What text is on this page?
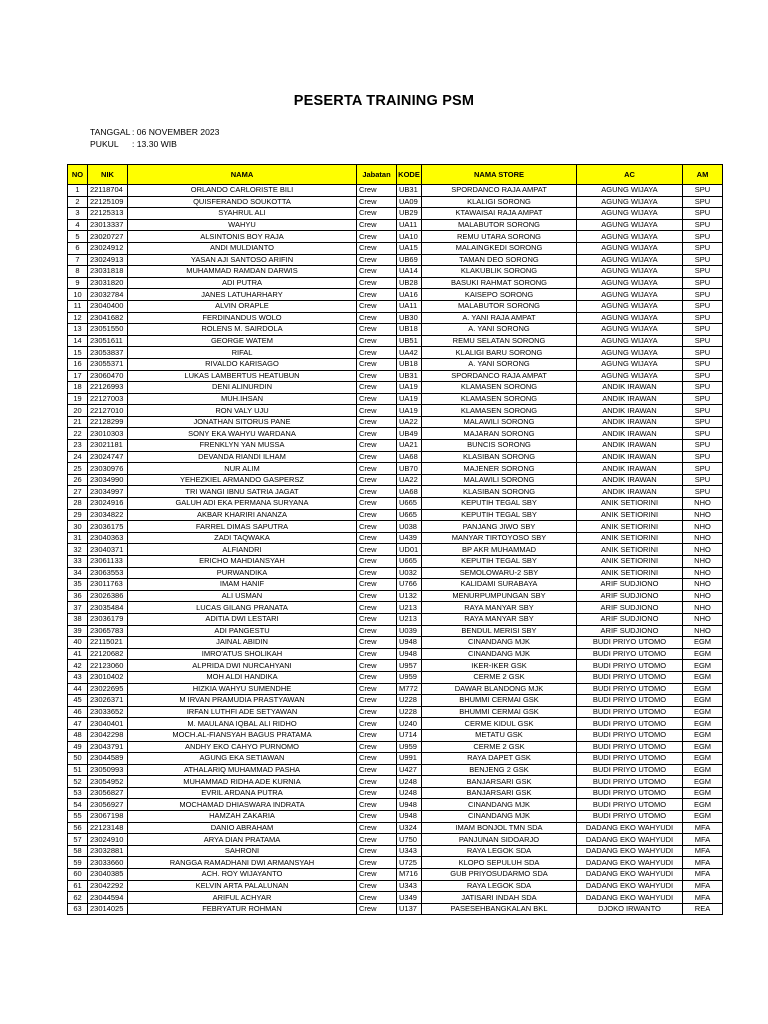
PESERTA TRAINING PSM
TANGGAL : 06 NOVEMBER 2023
PUKUL : 13.30 WIB
NO	NIK	NAMA	Jabatan	KODE	NAMA STORE	AC	AM
1	22118704	ORLANDO CARLORISTE BILI	Crew	UB31	SPORDANCO RAJA AMPAT	AGUNG WIJAYA	SPU
2	22125109	QUISFERANDO SOUKOTTA	Crew	UA09	KLALIGI SORONG	AGUNG WIJAYA	SPU
3	22125313	SYAHRUL ALI	Crew	UB29	KTAWAISAI RAJA AMPAT	AGUNG WIJAYA	SPU
4	23013337	WAHYU	Crew	UA11	MALABUTOR SORONG	AGUNG WIJAYA	SPU
5	23020727	ALSINTONIS BOY RAJA	Crew	UA10	REMU UTARA SORONG	AGUNG WIJAYA	SPU
6	23024912	ANDI MULDIANTO	Crew	UA15	MALAINGKEDI SORONG	AGUNG WIJAYA	SPU
7	23024913	YASAN AJI SANTOSO ARIFIN	Crew	UB69	TAMAN DEO SORONG	AGUNG WIJAYA	SPU
8	23031818	MUHAMMAD RAMDAN DARWIS	Crew	UA14	KLAKUBLIK SORONG	AGUNG WIJAYA	SPU
9	23031820	ADI PUTRA	Crew	UB28	BASUKI RAHMAT SORONG	AGUNG WIJAYA	SPU
10	23032784	JANES LATUHARHARY	Crew	UA16	KAISEPO SORONG	AGUNG WIJAYA	SPU
11	23040400	ALVIN ORAPLE	Crew	UA11	MALABUTOR SORONG	AGUNG WIJAYA	SPU
12	23041682	FERDINANDUS WOLO	Crew	UB30	A. YANI RAJA AMPAT	AGUNG WIJAYA	SPU
13	23051550	ROLENS M. SAIRDOLA	Crew	UB18	A. YANI SORONG	AGUNG WIJAYA	SPU
14	23051611	GEORGE WATEM	Crew	UB51	REMU SELATAN SORONG	AGUNG WIJAYA	SPU
15	23053837	RIFAL	Crew	UA42	KLALIGI BARU SORONG	AGUNG WIJAYA	SPU
16	23055371	RIVALDO KARISAGO	Crew	UB18	A. YANI SORONG	AGUNG WIJAYA	SPU
17	23060470	LUKAS LAMBERTUS HEATUBUN	Crew	UB31	SPORDANCO RAJA AMPAT	AGUNG WIJAYA	SPU
18	22126993	DENI ALINURDIN	Crew	UA19	KLAMASEN SORONG	ANDIK IRAWAN	SPU
19	22127003	MUH.IHSAN	Crew	UA19	KLAMASEN SORONG	ANDIK IRAWAN	SPU
20	22127010	RON VALY UJU	Crew	UA19	KLAMASEN SORONG	ANDIK IRAWAN	SPU
21	22128299	JONATHAN SITORUS PANE	Crew	UA22	MALAWILI SORONG	ANDIK IRAWAN	SPU
22	23010303	SONY EKA WAHYU WARDANA	Crew	UB49	MAJARAN SORONG	ANDIK IRAWAN	SPU
23	23021181	FRENKLYN YAN MUSSA	Crew	UA21	BUNCIS SORONG	ANDIK IRAWAN	SPU
24	23024747	DEVANDA RIANDI ILHAM	Crew	UA68	KLASIBAN SORONG	ANDIK IRAWAN	SPU
25	23030976	NUR ALIM	Crew	UB70	MAJENER SORONG	ANDIK IRAWAN	SPU
26	23034990	YEHEZKIEL ARMANDO GASPERSZ	Crew	UA22	MALAWILI SORONG	ANDIK IRAWAN	SPU
27	23034997	TRI WANGI IBNU SATRIA JAGAT	Crew	UA68	KLASIBAN SORONG	ANDIK IRAWAN	SPU
28	23024916	GALUH ADI EKA PERMANA SURYANA	Crew	U665	KEPUTIH TEGAL SBY	ANIK SETIORINI	NHO
29	23034822	AKBAR KHARIRI ANANZA	Crew	U665	KEPUTIH TEGAL SBY	ANIK SETIORINI	NHO
30	23036175	FARREL DIMAS SAPUTRA	Crew	U038	PANJANG JIWO SBY	ANIK SETIORINI	NHO
31	23040363	ZADI TAQWAKA	Crew	U439	MANYAR TIRTOYOSO SBY	ANIK SETIORINI	NHO
32	23040371	ALFIANDRI	Crew	UD01	BP AKR MUHAMMAD	ANIK SETIORINI	NHO
33	23061133	ERICHO MAHDIANSYAH	Crew	U665	KEPUTIH TEGAL SBY	ANIK SETIORINI	NHO
34	23063553	PURWANDIKA	Crew	U032	SEMOLOWARU-2 SBY	ANIK SETIORINI	NHO
35	23011763	IMAM HANIF	Crew	U766	KALIDAMI SURABAYA	ARIF SUDJIONO	NHO
36	23026386	ALI USMAN	Crew	U132	MENURPUMPUNGAN SBY	ARIF SUDJIONO	NHO
37	23035484	LUCAS GILANG PRANATA	Crew	U213	RAYA MANYAR SBY	ARIF SUDJIONO	NHO
38	23036179	ADITIA DWI LESTARI	Crew	U213	RAYA MANYAR SBY	ARIF SUDJIONO	NHO
39	23065783	ADI PANGESTU	Crew	U039	BENDUL MERISI SBY	ARIF SUDJIONO	NHO
40	22115021	JAINAL ABIDIN	Crew	U948	CINANDANG MJK	BUDI PRIYO UTOMO	EGM
41	22120682	IMRO'ATUS SHOLIKAH	Crew	U948	CINANDANG MJK	BUDI PRIYO UTOMO	EGM
42	22123060	ALPRIDA DWI NURCAHYANI	Crew	U957	IKER-IKER GSK	BUDI PRIYO UTOMO	EGM
43	23010402	MOH ALDI HANDIKA	Crew	U959	CERME 2 GSK	BUDI PRIYO UTOMO	EGM
44	23022695	HIZKIA WAHYU SUMENDHE	Crew	M772	DAWAR BLANDONG MJK	BUDI PRIYO UTOMO	EGM
45	23026371	M IRVAN PRAMUDIA PRASTYAWAN	Crew	U228	BHUMMI CERMAI GSK	BUDI PRIYO UTOMO	EGM
46	23033652	IRFAN LUTHFI ADE SETYAWAN	Crew	U228	BHUMMI CERMAI GSK	BUDI PRIYO UTOMO	EGM
47	23040401	M. MAULANA IQBAL ALI RIDHO	Crew	U240	CERME KIDUL GSK	BUDI PRIYO UTOMO	EGM
48	23042298	MOCH.AL-FIANSYAH BAGUS PRATAMA	Crew	U714	METATU GSK	BUDI PRIYO UTOMO	EGM
49	23043791	ANDHY EKO CAHYO PURNOMO	Crew	U959	CERME 2 GSK	BUDI PRIYO UTOMO	EGM
50	23044589	AGUNG EKA SETIAWAN	Crew	U991	RAYA DAPET GSK	BUDI PRIYO UTOMO	EGM
51	23050993	ATHALARIQ MUHAMMAD PASHA	Crew	U427	BENJENG 2 GSK	BUDI PRIYO UTOMO	EGM
52	23054952	MUHAMMAD RIDHA ADE KURNIA	Crew	U248	BANJARSARI GSK	BUDI PRIYO UTOMO	EGM
53	23056827	EVRIL ARDANA PUTRA	Crew	U248	BANJARSARI GSK	BUDI PRIYO UTOMO	EGM
54	23056927	MOCHAMAD DHIASWARA INDRATA	Crew	U948	CINANDANG MJK	BUDI PRIYO UTOMO	EGM
55	23067198	HAMZAH ZAKARIA	Crew	U948	CINANDANG MJK	BUDI PRIYO UTOMO	EGM
56	22123148	DANIO ABRAHAM	Crew	U324	IMAM BONJOL TMN SDA	DADANG EKO WAHYUDI	MFA
57	23024910	ARYA DIAN PRATAMA	Crew	U750	PANJUNAN SIDOARJO	DADANG EKO WAHYUDI	MFA
58	23032881	SAHRONI	Crew	U343	RAYA LEGOK SDA	DADANG EKO WAHYUDI	MFA
59	23033660	RANGGA RAMADHANI DWI ARMANSYAH	Crew	U725	KLOPO SEPULUH SDA	DADANG EKO WAHYUDI	MFA
60	23040385	ACH. ROY WIJAYANTO	Crew	M716	GUB PRIYOSUDARMO SDA	DADANG EKO WAHYUDI	MFA
61	23042292	KELVIN ARTA PALALUNAN	Crew	U343	RAYA LEGOK SDA	DADANG EKO WAHYUDI	MFA
62	23044594	ARIFUL ACHYAR	Crew	U349	JATISARI INDAH SDA	DADANG EKO WAHYUDI	MFA
63	23014025	FEBRYATUR ROHMAN	Crew	U137	PASESEHBANGKALAN BKL	DJOKO IRWANTO	REA
